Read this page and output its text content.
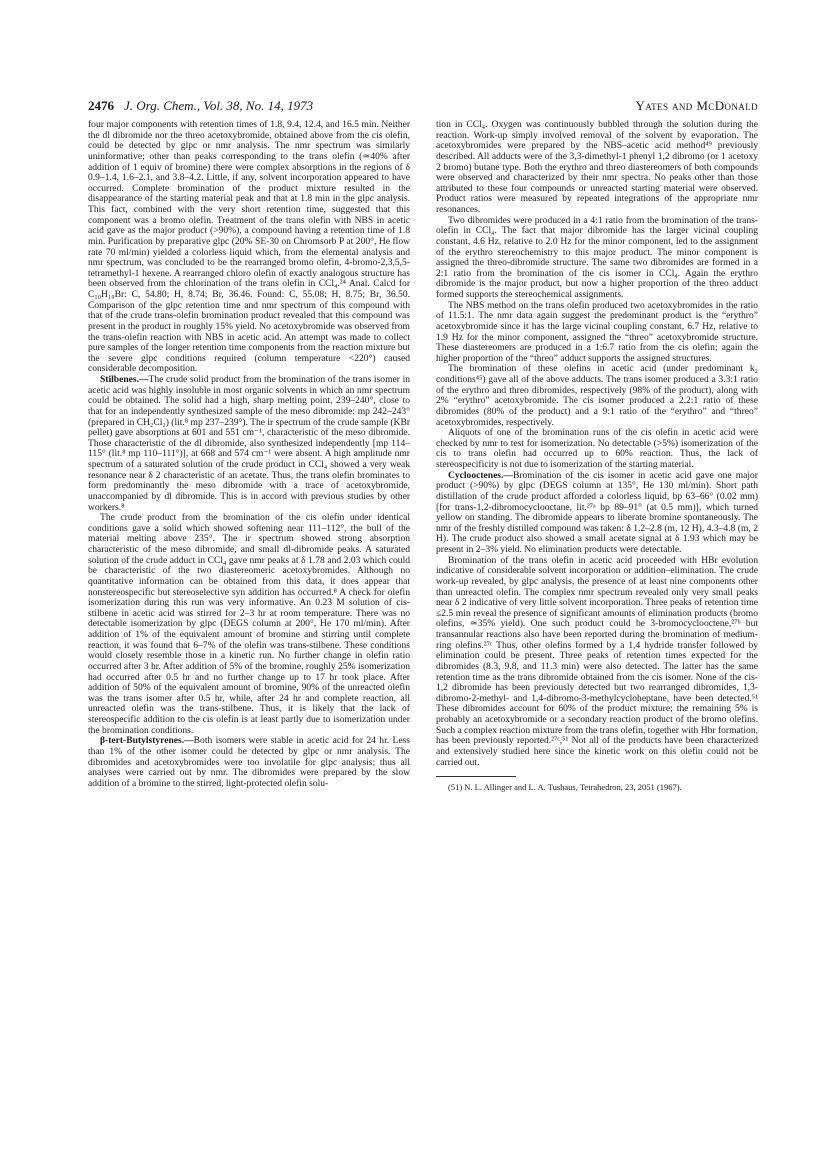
2476 J. Org. Chem., Vol. 38, No. 14, 1973	Yates and McDonald

four major components with retention times of 1.8, 9.4, 12.4, and 16.5 min. Neither the dl dibromide nor the threo acetoxybromide, obtained above from the cis olefin, could be detected by glpc or nmr analysis. The nmr spectrum was similarly uninformative; other than peaks corresponding to the trans olefin (≃40% after addition of 1 equiv of bromine) there were complex absorptions in the regions of δ 0.9–1.4, 1.6–2.1, and 3.8–4.2. Little, if any, solvent incorporation appeared to have occurred. Complete bromination of the product mixture resulted in the disappearance of the starting material peak and that at 1.8 min in the glpc analysis. This fact, combined with the very short retention time, suggested that this component was a bromo olefin. Treatment of the trans olefin with NBS in acetic acid gave as the major product (>90%), a compound having a retention time of 1.8 min. Purification by preparative glpc (20% SE-30 on Chromsorb P at 200°, He flow rate 70 ml/min) yielded a colorless liquid which, from the elemental analysis and nmr spectrum, was concluded to be the rearranged bromo olefin, 4-bromo-2,3,5,5-tetramethyl-1 hexene. A rearranged chloro olefin of exactly analogous structure has been observed from the chlorination of the trans olefin in CCl₄.²⁴ Anal. Calcd for C₁₀H₁₉Br: C, 54.80; H, 8.74; Br, 36.46. Found: C, 55.08; H, 8.75; Br, 36.50. Comparison of the glpc retention time and nmr spectrum of this compound with that of the crude trans-olefin bromination product revealed that this compound was present in the product in roughly 15% yield. No acetoxybromide was observed from the trans-olefin reaction with NBS in acetic acid. An attempt was made to collect pure samples of the longer retention time components from the reaction mixture but the severe glpc conditions required (column temperature <220°) caused considerable decomposition.

Stilbenes.—The crude solid product from the bromination of the trans isomer in acetic acid was highly insoluble in most organic solvents in which an nmr spectrum could be obtained. The solid had a high, sharp melting point, 239–240°, close to that for an independently synthesized sample of the meso dibromide: mp 242–243° (prepared in CH₂Cl₂) (lit.⁸ mp 237–239°). The ir spectrum of the crude sample (KBr pellet) gave absorptions at 601 and 551 cm⁻¹, characteristic of the meso dibromide. Those characteristic of the dl dibromide, also synthesized independently [mp 114–115° (lit.⁸ mp 110–111°)], at 668 and 574 cm⁻¹ were absent. A high amplitude nmr spectrum of a saturated solution of the crude product in CCl₄ showed a very weak resonance near δ 2 characteristic of an acetate. Thus, the trans olefin brominates to form predominantly the meso dibromide with a trace of acetoxybromide, unaccompanied by dl dibromide. This is in accord with previous studies by other workers.⁸

The crude product from the bromination of the cis olefin under identical conditions gave a solid which showed softening near 111–112°, the bull of the material melting above 235°. The ir spectrum showed strong absorption characteristic of the meso dibromide, and small dl-dibromide peaks. A saturated solution of the crude adduct in CCl₄ gave nmr peaks at δ 1.78 and 2.03 which could be characteristic of the two diastereomeric acetoxybromides. Although no quantitative information can be obtained from this data, it does appear that nonstereospecific but stereoselective syn addition has occurred.⁸ A check for olefin isomerization during this run was very informative. An 0.23 M solution of cis-stilbene in acetic acid was stirred for 2–3 hr at room temperature. There was no detectable isomerization by glpc (DEGS column at 200°, He 170 ml/min). After addition of 1% of the equivalent amount of bromine and stirring until complete reaction, it was found that 6–7% of the olefin was trans-stilbene. These conditions would closely resemble those in a kinetic run. No further change in olefin ratio occurred after 3 hr. After addition of 5% of the bromine, roughly 25% isomerization had occurred after 0.5 hr and no further change up to 17 hr took place. After addition of 50% of the equivalent amount of bromine, 90% of the unreacted olefin was the trans isomer after 0.5 hr, while, after 24 hr and complete reaction, all unreacted olefin was the trans-stilbene. Thus, it is likely that the lack of stereospecific addition to the cis olefin is at least partly due to isomerization under the bromination conditions.

β-tert-Butylstyrenes.—Both isomers were stable in acetic acid for 24 hr. Less than 1% of the other isomer could be detected by glpc or nmr analysis. The dibromides and acetoxybromides were too involatile for glpc analysis; thus all analyses were carried out by nmr. The dibromides were prepared by the slow addition of a bromine to the stirred, light-protected olefin solu-

tion in CCl₄. Oxygen was continuously bubbled through the solution during the reaction. Work-up simply involved removal of the solvent by evaporation. The acetoxybromides were prepared by the NBS–acetic acid method⁴⁹ previously described. All adducts were of the 3,3-dimethyl-1 phenyl 1,2 dibromo (or 1 acetoxy 2 bromo) butane type. Both the erythro and threo diastereomers of both compounds were observed and characterized by their nmr spectra. No peaks other than those attributed to these four compounds or unreacted starting material were observed. Product ratios were measured by repeated integrations of the appropriate nmr resonances.

Two dibromides were produced in a 4:1 ratio from the bromination of the trans-olefin in CCl₄. The fact that major dibromide has the larger vicinal coupling constant, 4.6 Hz, relative to 2.0 Hz for the minor component, led to the assignment of the erythro stereochemistry to this major product. The minor component is assigned the threo-dibromide structure. The same two dibromides are formed in a 2:1 ratio from the bromination of the cis isomer in CCl₄. Again the erythro dibromide is the major product, but now a higher proportion of the threo adduct formed supports the stereochemical assignments.

The NBS method on the trans olefin produced two acetoxybromides in the ratio of 11.5:1. The nmr data again suggest the predominant product is the “erythro” acetoxybromide since it has the large vicinal coupling constant, 6.7 Hz, relative to 1.9 Hz for the minor component, assigned the “threo” acetoxybromide structure. These diastereomers are produced in a 1:6.7 ratio from the cis olefin; again the higher proportion of the “threo” adduct supports the assigned structures.

The bromination of these olefins in acetic acid (under predominant k₂ conditions⁴⁵) gave all of the above adducts. The trans isomer produced a 3.3:1 ratio of the erythro and threo dibromides, respectively (98% of the product), along with 2% “erythro” acetoxybromide. The cis isomer produced a 2.2:1 ratio of these dibromides (80% of the product) and a 9:1 ratio of the “erythro” and “threo” acetoxybromides, respectively.

Aliquots of one of the bromination runs of the cis olefin in acetic acid were checked by nmr to test for isomerization. No detectable (>5%) isomerization of the cis to trans olefin had occurred up to 60% reaction. Thus, the lack of stereospecificity is not due to isomerization of the starting material.

Cyclooctenes.—Bromination of the cis isomer in acetic acid gave one major product (>90%) by glpc (DEGS column at 135°, He 130 ml/min). Short path distillation of the crude product afforded a colorless liquid, bp 63–66° (0.02 mm) [for trans-1,2-dibromocyclooctane, lit.²⁷ᵃ bp 89–91° (at 0.5 mm)], which turned yellow on standing. The dibromide appears to liberate bromine spontaneously. The nmr of the freshly distilled compound was taken: δ 1.2–2.8 (m, 12 H), 4.3–4.8 (m, 2 H). The crude product also showed a small acetate signal at δ 1.93 which may be present in 2–3% yield. No elimination products were detectable.

Bromination of the trans olefin in acetic acid proceeded with HBr evolution indicative of considerable solvent incorporation or addition–elimination. The crude work-up revealed, by glpc analysis, the presence of at least nine components other than unreacted olefin. The complex nmr spectrum revealed only very small peaks near δ 2 indicative of very little solvent incorporation. Three peaks of retention time ≤2.5 min reveal the presence of significant amounts of elimination products (bromo olefins, ≃35% yield). One such product could be 3-bromocyclooctene,²⁷ᵇ but transannular reactions also have been reported during the bromination of medium-ring olefins.²⁷ᶜ Thus, other olefins formed by a 1,4 hydride transfer followed by elimination could be present. Three peaks of retention times expected for the dibromides (8.3, 9.8, and 11.3 min) were also detected. The latter has the same retention time as the trans dibromide obtained from the cis isomer. None of the cis-1,2 dibromide has been previously detected but two rearranged dibromides, 1,3-dibromo-2-methyl- and 1,4-dibromo-3-methylcycloheptane, have been detected.⁵¹ These dibromides account for 60% of the product mixture; the remaining 5% is probably an acetoxybromide or a secondary reaction product of the bromo olefins. Such a complex reaction mixture from the trans olefin, together with Hbr formation, has been previously reported.²⁷ᶜ,⁵¹ Not all of the products have been characterized and extensively studied here since the kinetic work on this olefin could not be carried out.

(51) N. L. Allinger and L. A. Tushaus, Tetrahedron, 23, 2051 (1967).
